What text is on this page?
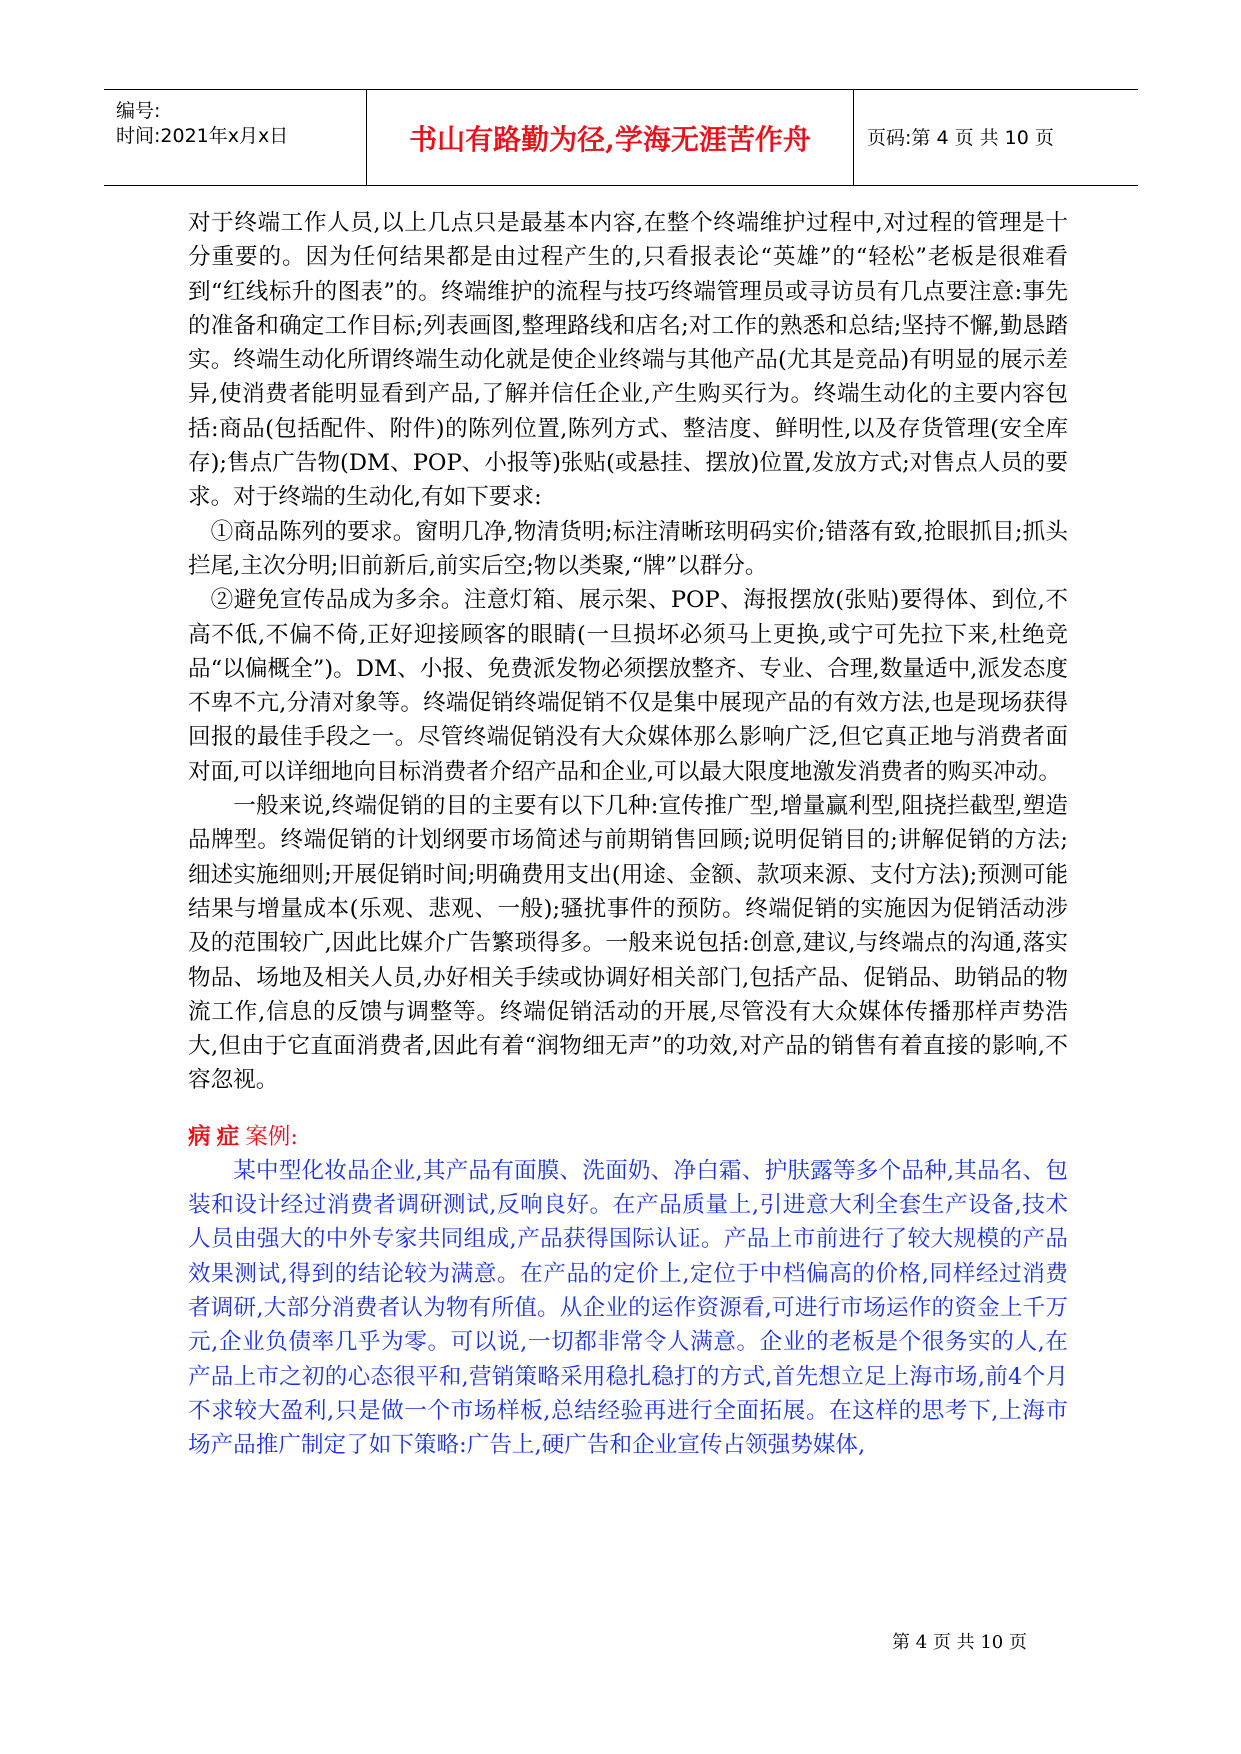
编号:
时间:2021年x月x日	书山有路勤为径,学海无涯苦作舟	页码:第 4 页 共 10 页

对于终端工作人员,以上几点只是最基本内容,在整个终端维护过程中,对过程的管理是十分重要的。因为任何结果都是由过程产生的,只看报表论“英雄”的“轻松”老板是很难看到“红线标升的图表”的。终端维护的流程与技巧终端管理员或寻访员有几点要注意:事先的准备和确定工作目标;列表画图,整理路线和店名;对工作的熟悉和总结;坚持不懈,勤恳踏实。终端生动化所谓终端生动化就是使企业终端与其他产品(尤其是竞品)有明显的展示差异,使消费者能明显看到产品,了解并信任企业,产生购买行为。终端生动化的主要内容包括:商品(包括配件、附件)的陈列位置,陈列方式、整洁度、鲜明性,以及存货管理(安全库存);售点广告物(DM、POP、小报等)张贴(或悬挂、摆放)位置,发放方式;对售点人员的要求。对于终端的生动化,有如下要求:

①商品陈列的要求。窗明几净,物清货明;标注清晰玹明码实价;错落有致,抢眼抓目;抓头拦尾,主次分明;旧前新后,前实后空;物以类聚,“牌”以群分。

②避免宣传品成为多余。注意灯箱、展示架、POP、海报摆放(张贴)要得体、到位,不高不低,不偏不倚,正好迎接顾客的眼睛(一旦损坏必须马上更换,或宁可先拉下来,杜绝竞品“以偏概全”)。DM、小报、免费派发物必须摆放整齐、专业、合理,数量适中,派发态度不卑不亢,分清对象等。终端促销终端促销不仅是集中展现产品的有效方法,也是现场获得回报的最佳手段之一。尽管终端促销没有大众媒体那么影响广泛,但它真正地与消费者面对面,可以详细地向目标消费者介绍产品和企业,可以最大限度地激发消费者的购买冲动。

一般来说,终端促销的目的主要有以下几种:宣传推广型,增量赢利型,阻挠拦截型,塑造品牌型。终端促销的计划纲要市场简述与前期销售回顾;说明促销目的;讲解促销的方法;细述实施细则;开展促销时间;明确费用支出(用途、金额、款项来源、支付方法);预测可能结果与增量成本(乐观、悲观、一般);骚扰事件的预防。终端促销的实施因为促销活动涉及的范围较广,因此比媒介广告繁琐得多。一般来说包括:创意,建议,与终端点的沟通,落实物品、场地及相关人员,办好相关手续或协调好相关部门,包括产品、促销品、助销品的物流工作,信息的反馈与调整等。终端促销活动的开展,尽管没有大众媒体传播那样声势浩大,但由于它直面消费者,因此有着“润物细无声”的功效,对产品的销售有着直接的影响,不容忽视。

病症案例:

某中型化妆品企业,其产品有面膜、洗面奶、净白霜、护肤露等多个品种,其品名、包装和设计经过消费者调研测试,反响良好。在产品质量上,引进意大利全套生产设备,技术人员由强大的中外专家共同组成,产品获得国际认证。产品上市前进行了较大规模的产品效果测试,得到的结论较为满意。在产品的定价上,定位于中档偏高的价格,同样经过消费者调研,大部分消费者认为物有所值。从企业的运作资源看,可进行市场运作的资金上千万元,企业负债率几乎为零。可以说,一切都非常令人满意。企业的老板是个很务实的人,在产品上市之初的心态很平和,营销策略采用稳扎稳打的方式,首先想立足上海市场,前4个月不求较大盈利,只是做一个市场样板,总结经验再进行全面拓展。在这样的思考下,上海市场产品推广制定了如下策略:广告上,硬广告和企业宣传占领强势媒体,

第 4 页 共 10 页
